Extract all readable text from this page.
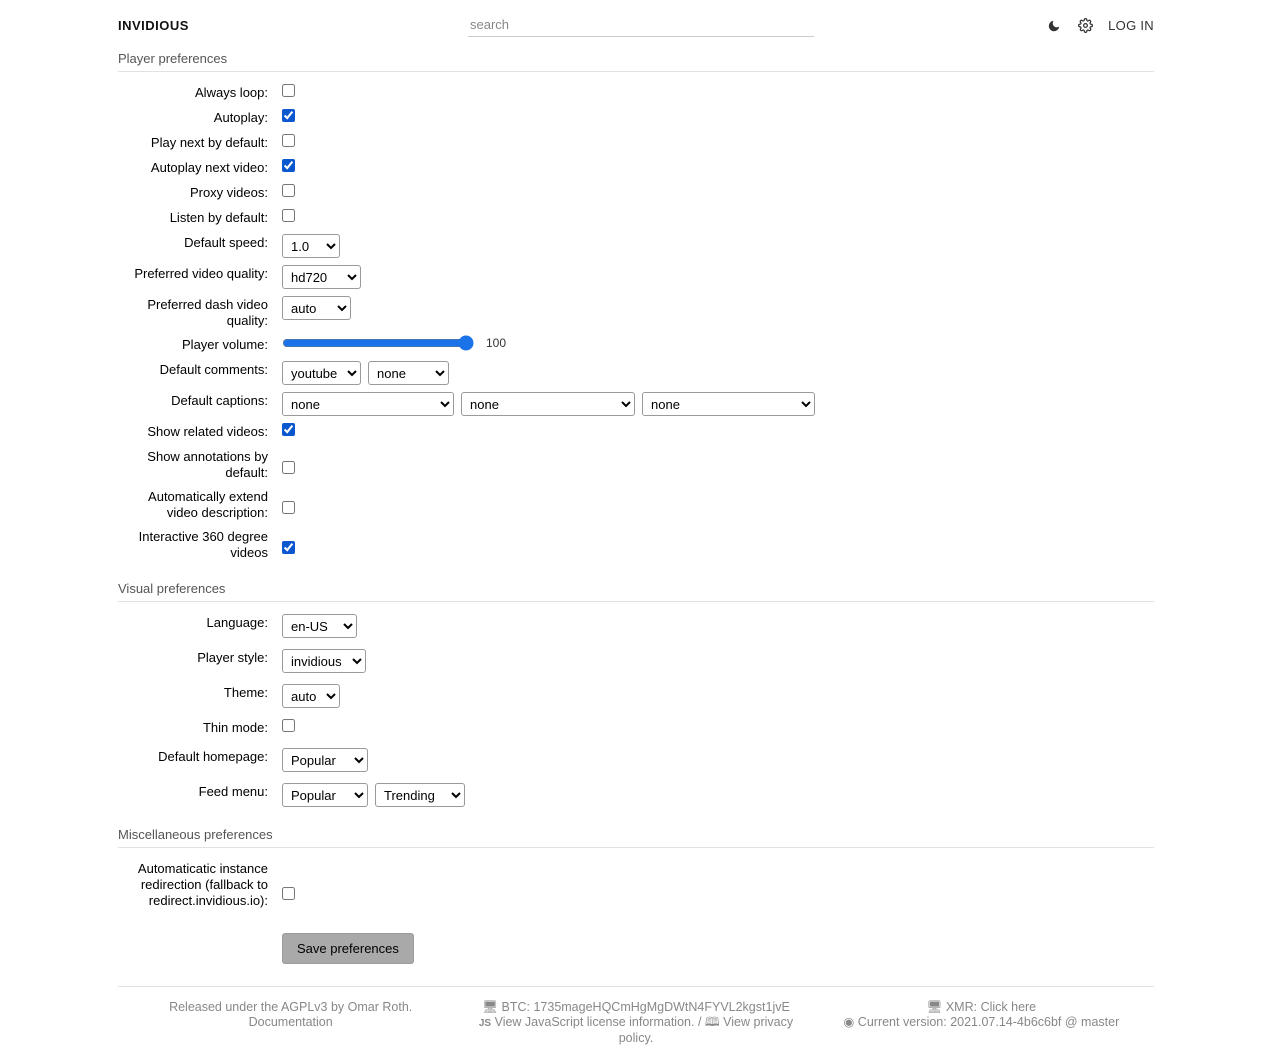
INVIDIOUS
search	LOG IN
Player preferences
Always loop:
Autoplay:
Play next by default:
Autoplay next video:
Proxy videos:
Listen by default:
Default speed:
1.0
Preferred video quality:
hd720
Preferred dash video quality:
auto
Player volume:	100
Default comments:
youtube
none
Default captions:
none
none
none
Show related videos:
Show annotations by default:
Automatically extend video description:
Interactive 360 degree videos
Visual preferences
Language:
en-US
Player style:
invidious
Theme:
auto
Thin mode:
Default homepage:
Popular
Feed menu:
Popular
Trending
Miscellaneous preferences
Automaticatic instance redirection (fallback to redirect.invidious.io):
Save preferences
Released under the AGPLv3 by Omar Roth.
Documentation
🖥 BTC: 1735mageHQCmHgMgDWtN4FYVL2kgst1jvE
JS View JavaScript license information. / 🕮 View privacy policy.
🖥 XMR: Click here
◉ Current version: 2021.07.14-4b6c6bf @ master
